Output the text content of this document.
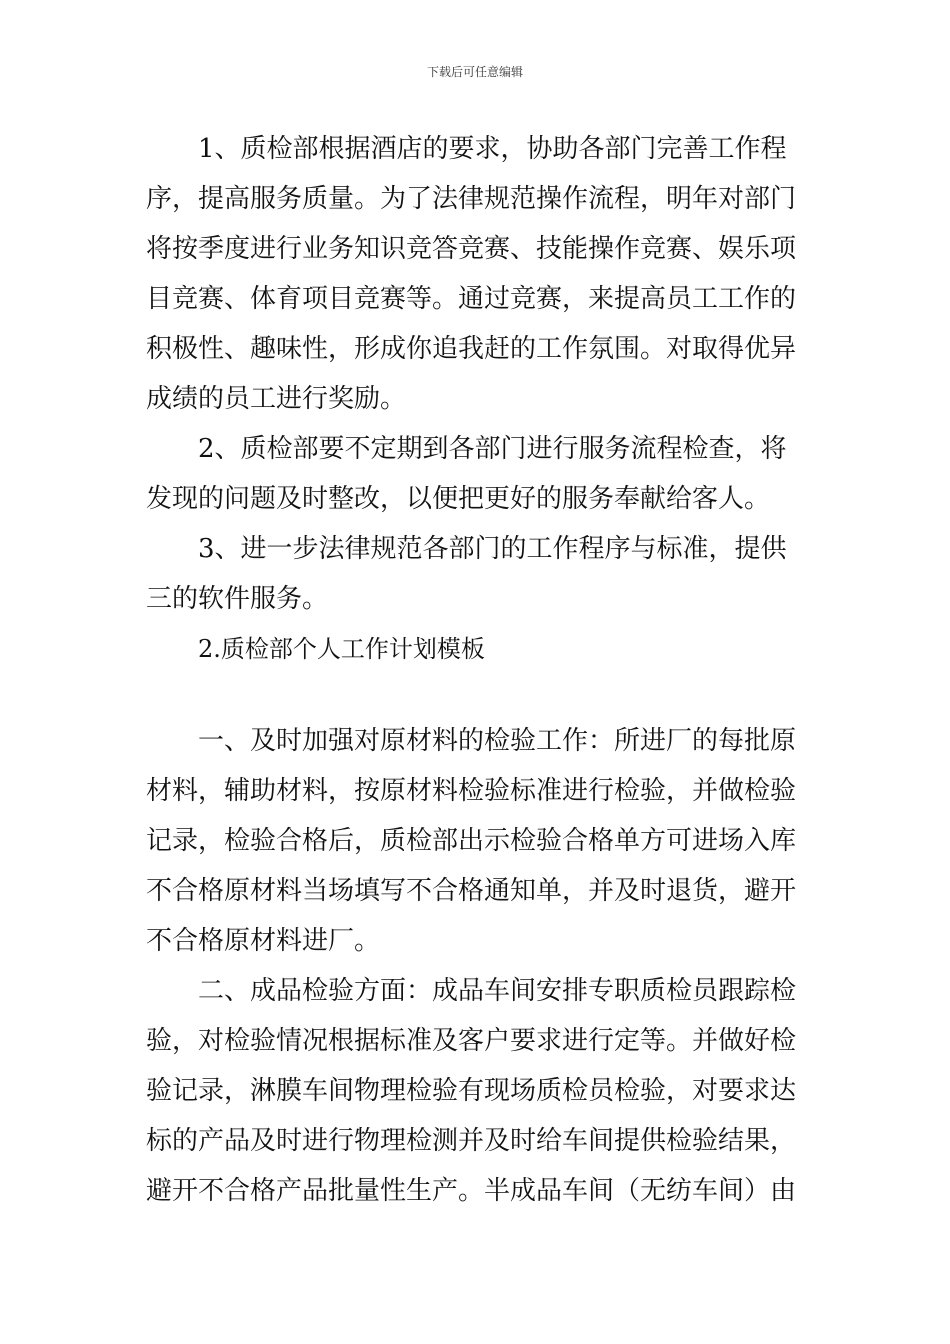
下载后可任意编辑

1、质检部根据酒店的要求，协助各部门完善工作程序，提高服务质量。为了法律规范操作流程，明年对部门将按季度进行业务知识竞答竞赛、技能操作竞赛、娱乐项目竞赛、体育项目竞赛等。通过竞赛，来提高员工工作的积极性、趣味性，形成你追我赶的工作氛围。对取得优异成绩的员工进行奖励。

2、质检部要不定期到各部门进行服务流程检查，将发现的问题及时整改，以便把更好的服务奉献给客人。

3、进一步法律规范各部门的工作程序与标准，提供三的软件服务。

2.质检部个人工作计划模板

一、及时加强对原材料的检验工作：所进厂的每批原材料，辅助材料，按原材料检验标准进行检验，并做检验记录，检验合格后，质检部出示检验合格单方可进场入库不合格原材料当场填写不合格通知单，并及时退货，避开不合格原材料进厂。

二、成品检验方面：成品车间安排专职质检员跟踪检验，对检验情况根据标准及客户要求进行定等。并做好检验记录，淋膜车间物理检验有现场质检员检验，对要求达标的产品及时进行物理检测并及时给车间提供检验结果，避开不合格产品批量性生产。半成品车间（无纺车间）由
